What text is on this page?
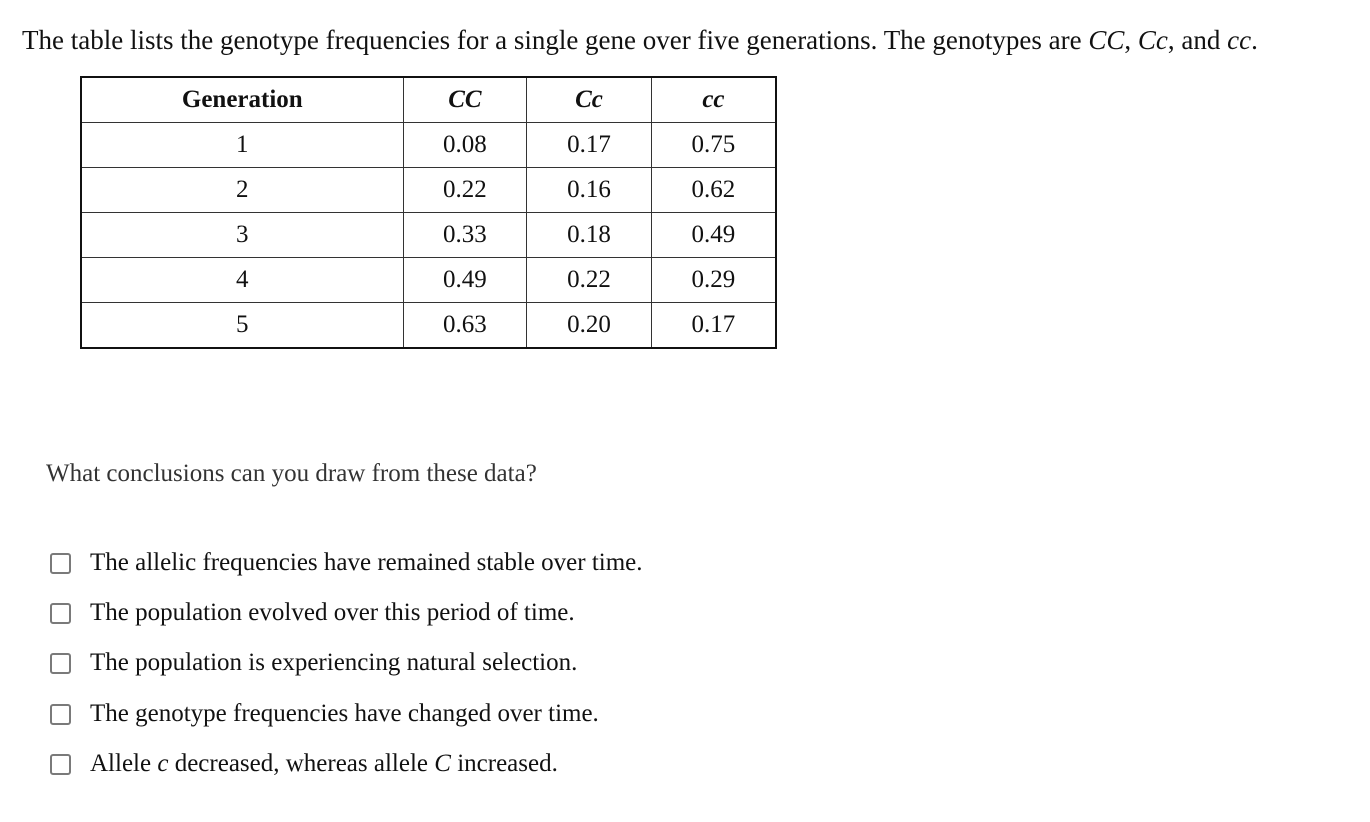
The table lists the genotype frequencies for a single gene over five generations. The genotypes are CC, Cc, and cc.
Generation	CC	Cc	cc
1	0.08	0.17	0.75
2	0.22	0.16	0.62
3	0.33	0.18	0.49
4	0.49	0.22	0.29
5	0.63	0.20	0.17
What conclusions can you draw from these data?
The allelic frequencies have remained stable over time.
The population evolved over this period of time.
The population is experiencing natural selection.
The genotype frequencies have changed over time.
Allele c decreased, whereas allele C increased.
